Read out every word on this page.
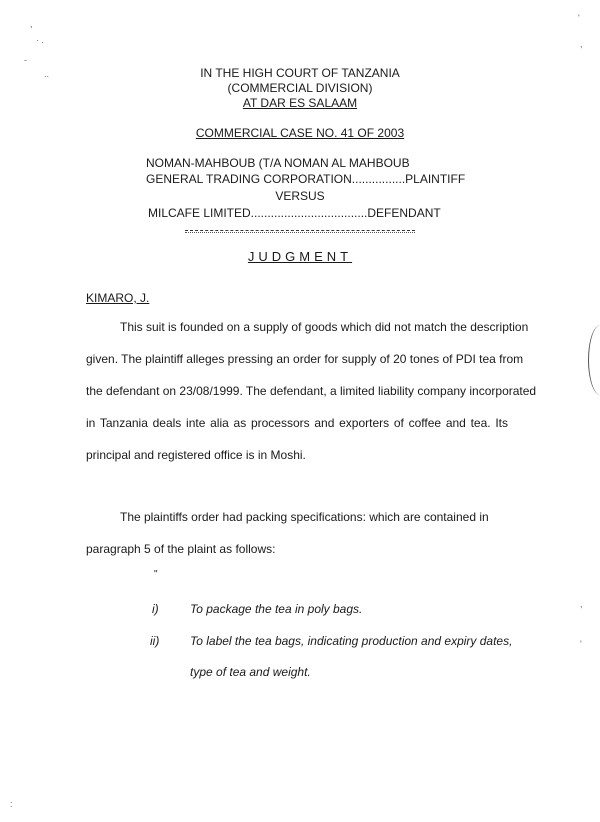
,
· .
-
..
'
,
:
,
'
IN THE HIGH COURT OF TANZANIA
(COMMERCIAL DIVISION)
AT DAR ES SALAAM
COMMERCIAL CASE NO. 41 OF 2003
NOMAN-MAHBOUB (T/A NOMAN AL MAHBOUB
GENERAL TRADING CORPORATION................PLAINTIFF
VERSUS
MILCAFE LIMITED...................................DEFENDANT
JUDGMENT
KIMARO, J.
This suit is founded on a supply of goods which did not match the description
given. The plaintiff alleges pressing an order for supply of 20 tones of PDI tea from
the defendant on 23/08/1999. The defendant, a limited liability company incorporated
in Tanzania deals inte alia as processors and exporters of coffee and tea. Its
principal and registered office is in Moshi.
The plaintiffs order had packing specifications: which are contained in
paragraph 5 of the plaint as follows:
"
i)	To package the tea in poly bags.
ii)	To label the tea bags, indicating production and expiry dates,
type of tea and weight.
